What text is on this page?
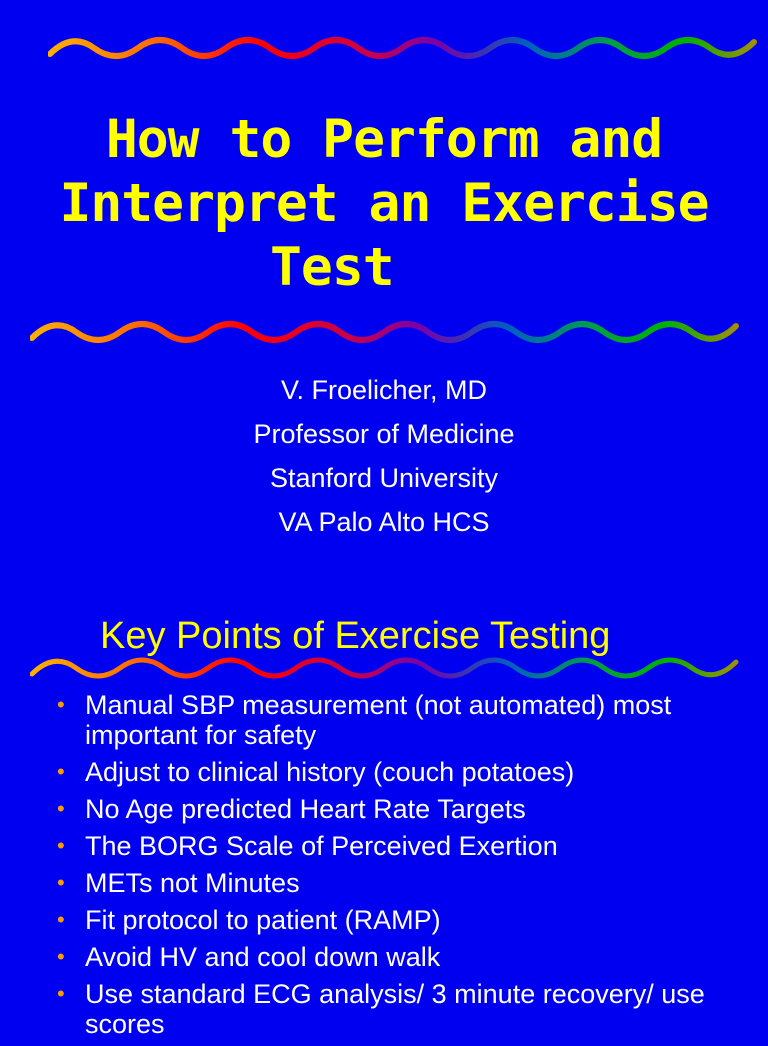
How to Perform and
Interpret an Exercise
Test
V. Froelicher, MD
Professor of Medicine
Stanford University
VA Palo Alto HCS
Key Points of Exercise Testing
• Manual SBP measurement (not automated) most important for safety
• Adjust to clinical history (couch potatoes)
• No Age predicted Heart Rate Targets
• The BORG Scale of Perceived Exertion
• METs not Minutes
• Fit protocol to patient (RAMP)
• Avoid HV and cool down walk
• Use standard ECG analysis/ 3 minute recovery/ use scores
